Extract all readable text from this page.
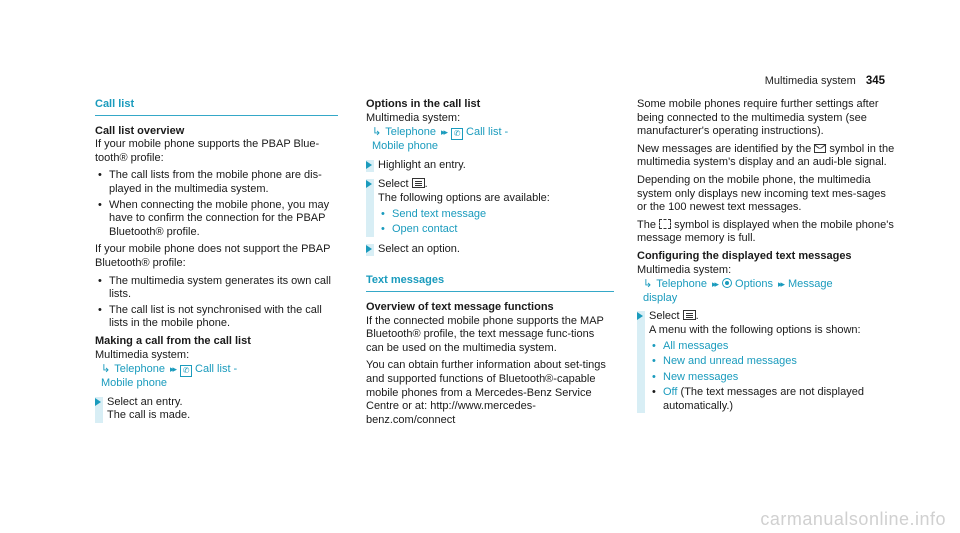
Multimedia system 345
Call list

Call list overview

If your mobile phone supports the PBAP Blue-tooth® profile:

• The call lists from the mobile phone are dis-played in the multimedia system.
• When connecting the mobile phone, you may have to confirm the connection for the PBAP Bluetooth® profile.

If your mobile phone does not support the PBAP Bluetooth® profile:

• The multimedia system generates its own call lists.
• The call list is not synchronised with the call lists in the mobile phone.

Making a call from the call list

Multimedia system:

↳ Telephone ▸▸ ✆ Call list -
Mobile phone
Select an entry.
The call is made.

Options in the call list

Multimedia system:

↳ Telephone ▸▸ ✆ Call list -
Mobile phone
Highlight an entry.
Select .
The following options are available:
• Send text message
• Open contact
Select an option.
Text messages

Overview of text message functions

If the connected mobile phone supports the MAP Bluetooth® profile, the text message func-tions can be used on the multimedia system.

You can obtain further information about set-tings and supported functions of Bluetooth®-capable mobile phones from a Mercedes-Benz Service Centre or at: http://www.mercedes-benz.com/connect

Some mobile phones require further settings after being connected to the multimedia system (see manufacturer's operating instructions).

New messages are identified by the symbol in the multimedia system's display and an audi-ble signal.

Depending on the mobile phone, the multimedia system only displays new incoming text mes-sages or the 100 newest text messages.

The symbol is displayed when the mobile phone's message memory is full.

Configuring the displayed text messages

Multimedia system:

↳ Telephone ▸▸ Options ▸▸ Message
display
Select .
A menu with the following options is shown:
• All messages
• New and unread messages
• New messages
• Off (The text messages are not displayed automatically.)
carmanualsonline.info
